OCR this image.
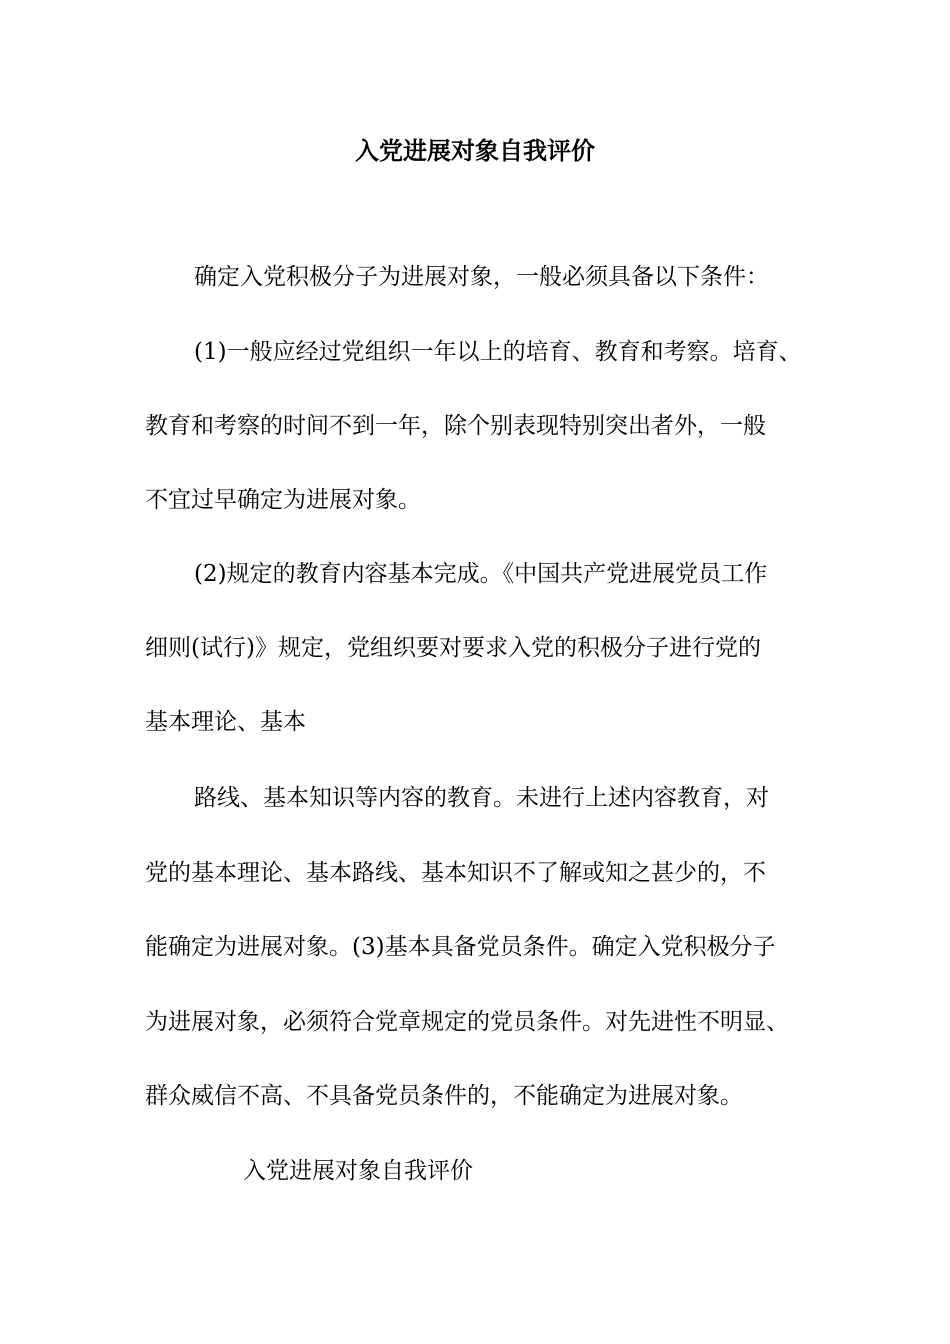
入党进展对象自我评价
确定入党积极分子为进展对象，一般必须具备以下条件：
(1)一般应经过党组织一年以上的培育、教育和考察。培育、
教育和考察的时间不到一年，除个别表现特别突出者外，一般
不宜过早确定为进展对象。
(2)规定的教育内容基本完成。《中国共产党进展党员工作
细则(试行)》规定，党组织要对要求入党的积极分子进行党的
基本理论、基本
路线、基本知识等内容的教育。未进行上述内容教育，对
党的基本理论、基本路线、基本知识不了解或知之甚少的，不
能确定为进展对象。(3)基本具备党员条件。确定入党积极分子
为进展对象，必须符合党章规定的党员条件。对先进性不明显、
群众威信不高、不具备党员条件的，不能确定为进展对象。
入党进展对象自我评价
